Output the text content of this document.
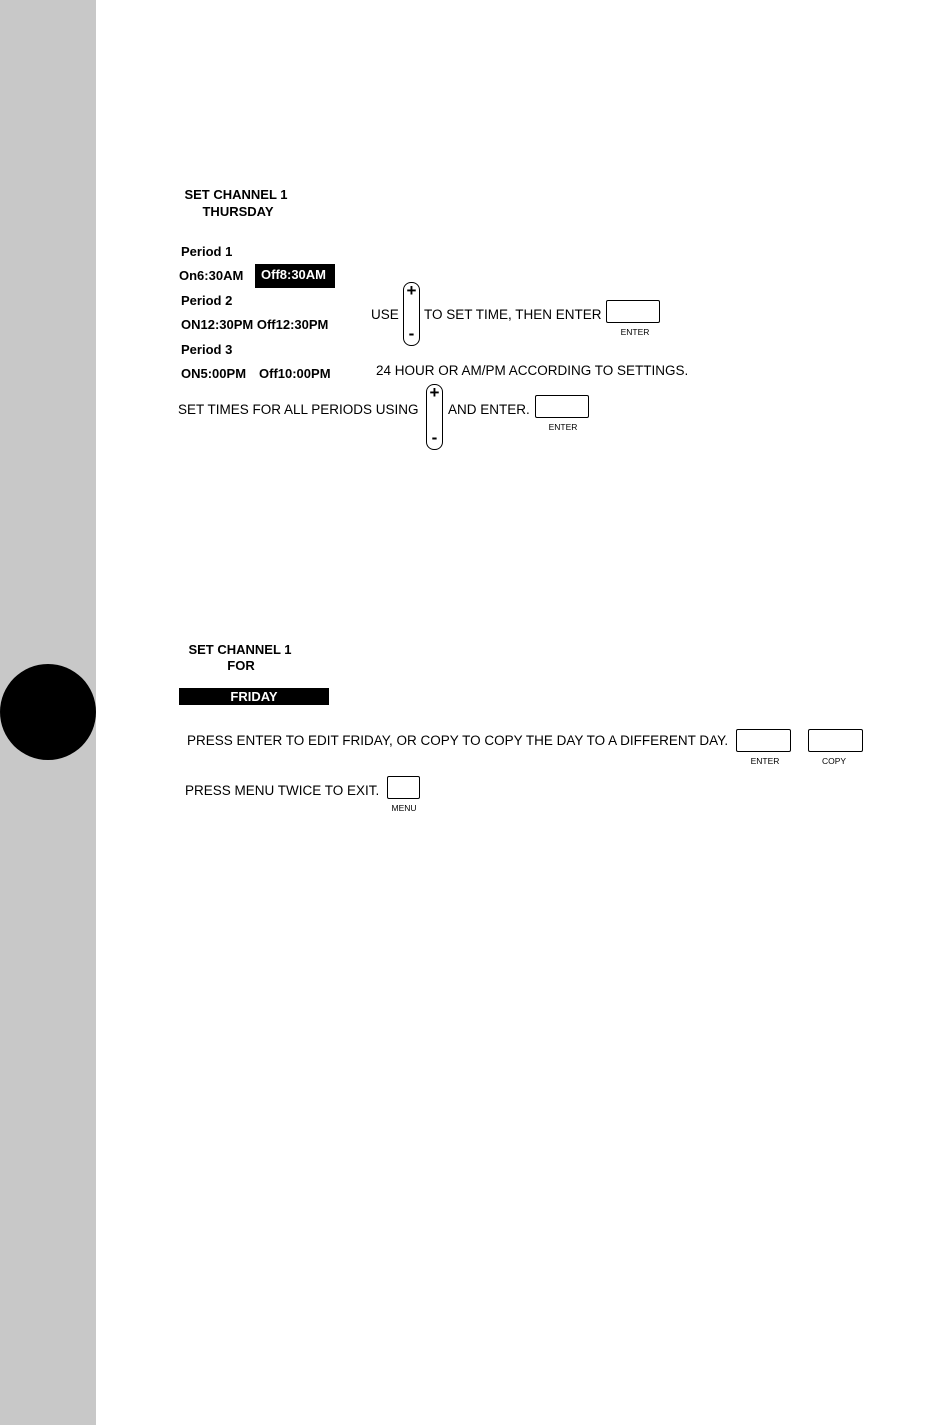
SET CHANNEL 1
THURSDAY
Period 1
On6:30AM	Off8:30AM
Period 2
ON12:30PM Off12:30PM
Period 3
ON5:00PM Off10:00PM
USE
+
-
TO SET TIME, THEN ENTER
ENTER
24 HOUR OR AM/PM ACCORDING TO SETTINGS.
SET TIMES FOR ALL PERIODS USING
+
-
AND ENTER.
ENTER
SET CHANNEL 1
FOR
FRIDAY
PRESS ENTER TO EDIT FRIDAY, OR COPY TO COPY THE DAY TO A DIFFERENT DAY.
ENTER	COPY
PRESS MENU TWICE TO EXIT.
MENU
